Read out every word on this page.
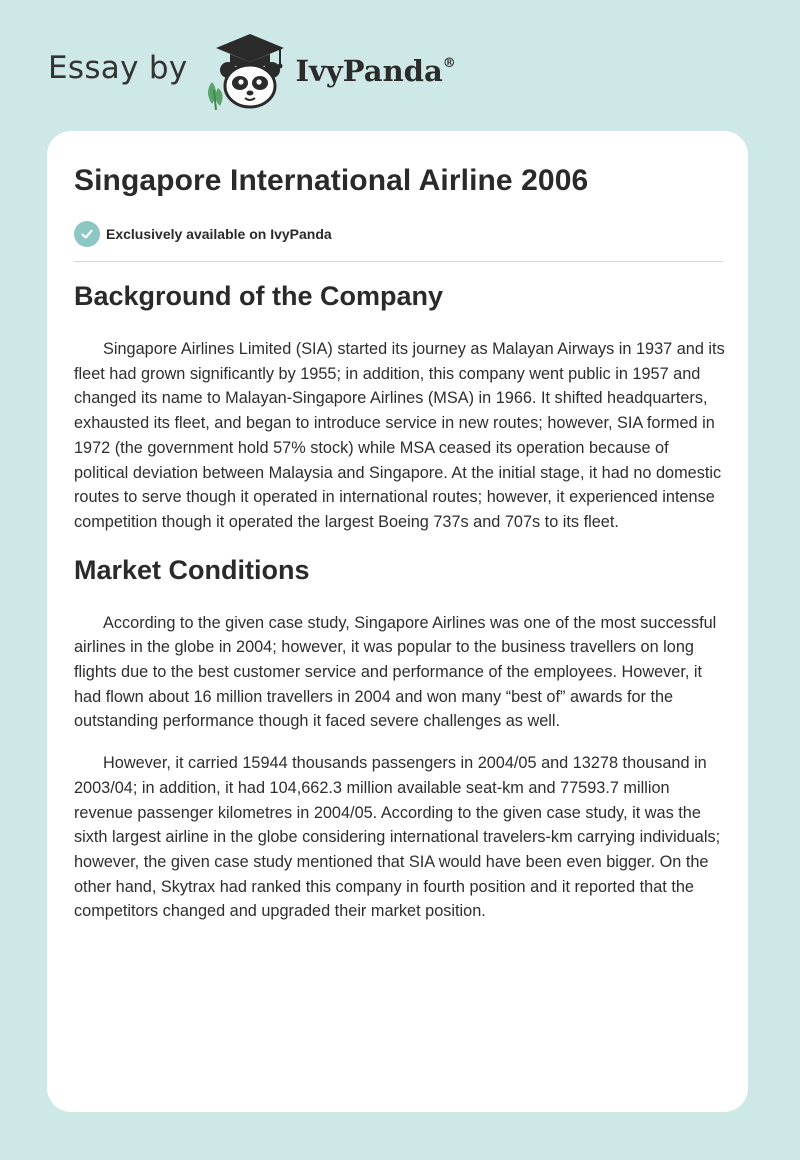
Essay by	IvyPanda®
Singapore International Airline 2006
Exclusively available on IvyPanda
Background of the Company

Singapore Airlines Limited (SIA) started its journey as Malayan Airways in 1937 and its fleet had grown significantly by 1955; in addition, this company went public in 1957 and changed its name to Malayan-Singapore Airlines (MSA) in 1966. It shifted headquarters, exhausted its fleet, and began to introduce service in new routes; however, SIA formed in 1972 (the government hold 57% stock) while MSA ceased its operation because of political deviation between Malaysia and Singapore. At the initial stage, it had no domestic routes to serve though it operated in international routes; however, it experienced intense competition though it operated the largest Boeing 737s and 707s to its fleet.

Market Conditions

According to the given case study, Singapore Airlines was one of the most successful airlines in the globe in 2004; however, it was popular to the business travellers on long flights due to the best customer service and performance of the employees. However, it had flown about 16 million travellers in 2004 and won many “best of” awards for the outstanding performance though it faced severe challenges as well.

However, it carried 15944 thousands passengers in 2004/05 and 13278 thousand in 2003/04; in addition, it had 104,662.3 million available seat-km and 77593.7 million revenue passenger kilometres in 2004/05. According to the given case study, it was the sixth largest airline in the globe considering international travelers-km carrying individuals; however, the given case study mentioned that SIA would have been even bigger. On the other hand, Skytrax had ranked this company in fourth position and it reported that the competitors changed and upgraded their market position.
